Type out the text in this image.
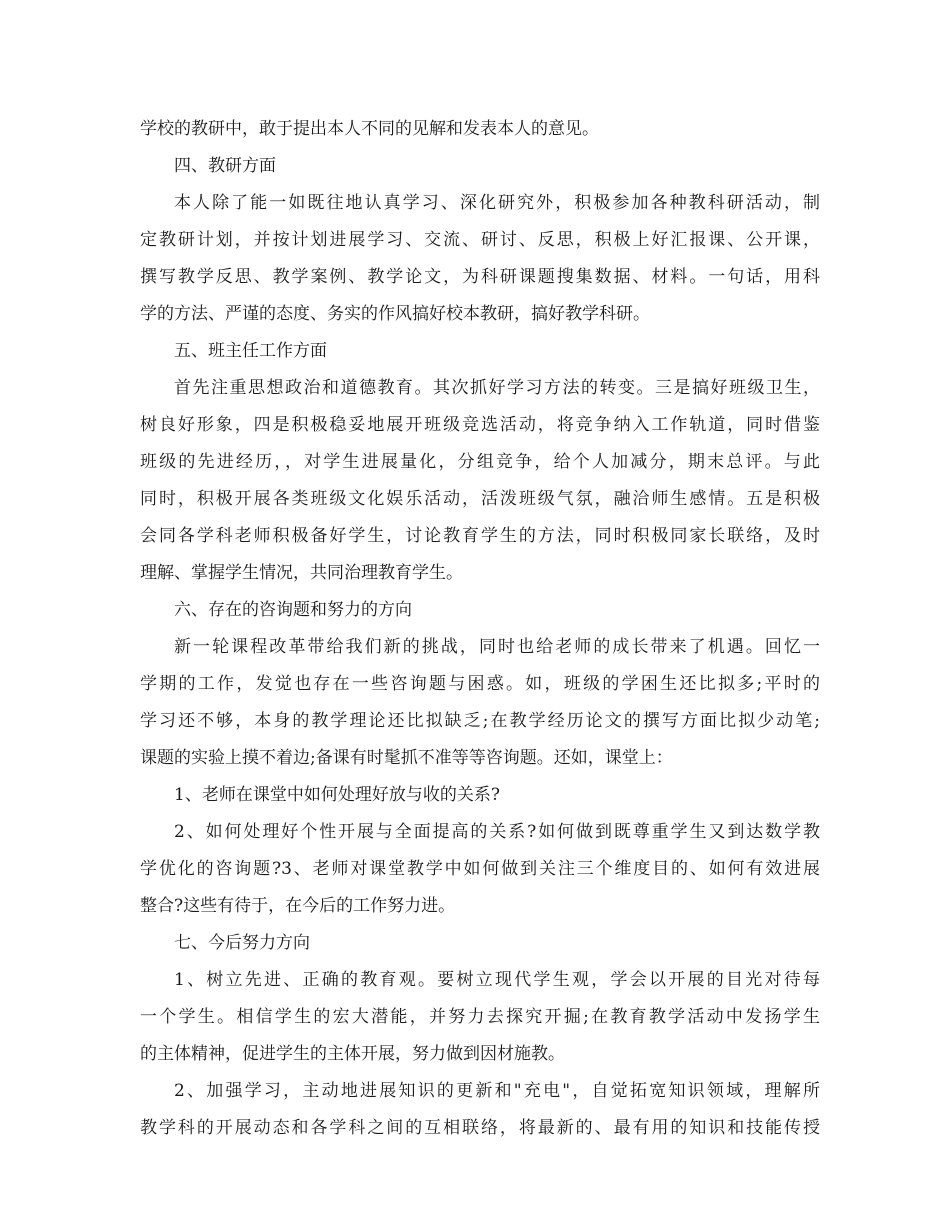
学校的教研中，敢于提出本人不同的见解和发表本人的意见。
四、教研方面
本人除了能一如既往地认真学习、深化研究外，积极参加各种教科研活动，制
定教研计划，并按计划进展学习、交流、研讨、反思，积极上好汇报课、公开课，
撰写教学反思、教学案例、教学论文，为科研课题搜集数据、材料。一句话，用科
学的方法、严谨的态度、务实的作风搞好校本教研，搞好教学科研。
五、班主任工作方面
首先注重思想政治和道德教育。其次抓好学习方法的转变。三是搞好班级卫生，
树良好形象，四是积极稳妥地展开班级竞选活动，将竞争纳入工作轨道，同时借鉴
班级的先进经历，，对学生进展量化，分组竞争，给个人加减分，期末总评。与此
同时，积极开展各类班级文化娱乐活动，活泼班级气氛，融洽师生感情。五是积极
会同各学科老师积极备好学生，讨论教育学生的方法，同时积极同家长联络，及时
理解、掌握学生情况，共同治理教育学生。
六、存在的咨询题和努力的方向
新一轮课程改革带给我们新的挑战，同时也给老师的成长带来了机遇。回忆一
学期的工作，发觉也存在一些咨询题与困惑。如，班级的学困生还比拟多;平时的
学习还不够，本身的教学理论还比拟缺乏;在教学经历论文的撰写方面比拟少动笔;
课题的实验上摸不着边;备课有时髦抓不准等等咨询题。还如，课堂上：
1、老师在课堂中如何处理好放与收的关系?
2、如何处理好个性开展与全面提高的关系?如何做到既尊重学生又到达数学教
学优化的咨询题?3、老师对课堂教学中如何做到关注三个维度目的、如何有效进展
整合?这些有待于，在今后的工作努力进。
七、今后努力方向
1、树立先进、正确的教育观。要树立现代学生观，学会以开展的目光对待每
一个学生。相信学生的宏大潜能，并努力去探究开掘;在教育教学活动中发扬学生
的主体精神，促进学生的主体开展，努力做到因材施教。
2、加强学习，主动地进展知识的更新和"充电"，自觉拓宽知识领域，理解所
教学科的开展动态和各学科之间的互相联络，将最新的、最有用的知识和技能传授
